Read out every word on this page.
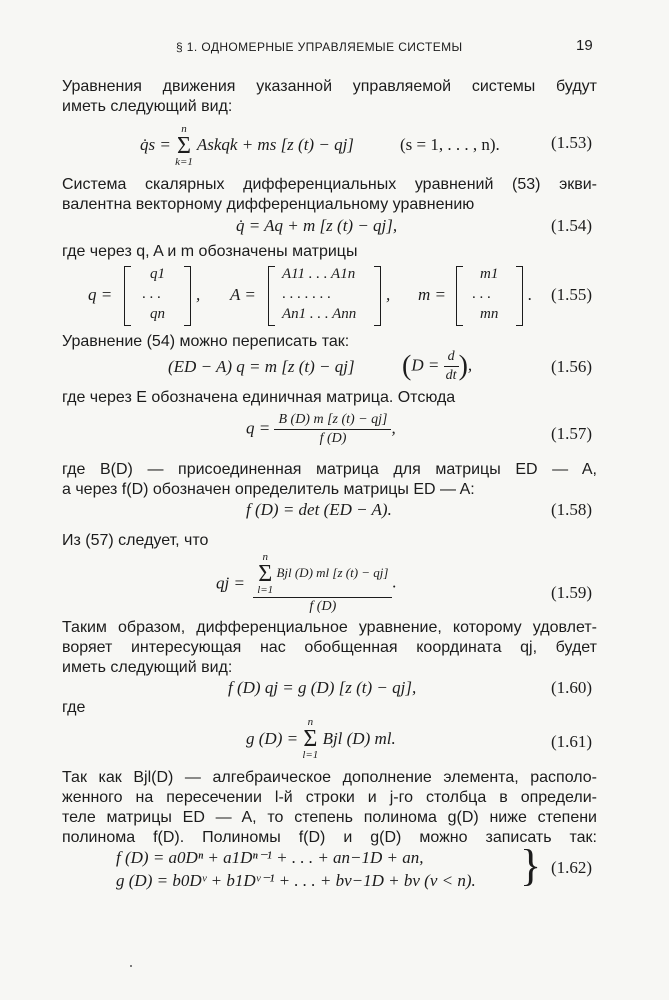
§ 1. ОДНОМЕРНЫЕ УПРАВЛЯЕМЫЕ СИСТЕМЫ	19
Уравнения движения указанной управляемой системы будут
иметь следующий вид:
q̇s = n
Σ
k=1 Askqk + ms [z (t) − qj]	(s = 1, . . . , n).	(1.53)
Система скалярных дифференциальных уравнений (53) экви-
валентна векторному дифференциальному уравнению
q̇ = Aq + m [z (t) − qj],	(1.54)
где через q, A и m обозначены матрицы
q =
q1
. . .
qn
, A =
A11 . . . A1n
. . . . . . .
An1 . . . Ann
, m =
m1
. . .
mn
. (1.55)
Уравнение (54) можно переписать так:
(ED − A) q = m [z (t) − qj] ($D = \frac{d}{dt}$ ),	(1.56)
где через E обозначена единичная матрица. Отсюда
$q = \frac{B (D) m [z (t) - qj]}{f (D)}$ ,	(1.57)
где B(D) — присоединенная матрица для матрицы ED — A,
а через f(D) обозначен определитель матрицы ED — A:
f (D) = det (ED − A).	(1.58)
Из (57) следует, что
qj = n
Σ
l=1 Bjl (D) ml [z (t) − qj]
f (D) .
(1.59)
Таким образом, дифференциальное уравнение, которому удовлет-
воряет интересующая нас обобщенная координата qj, будет
иметь следующий вид:
f (D) qj = g (D) [z (t) − qj],	(1.60)
где
g (D) = n
Σ
l=1 Bjl (D) ml.	(1.61)
Так как Bjl(D) — алгебраическое дополнение элемента, располо-
женного на пересечении l-й строки и j-го столбца в определи-
теле матрицы ED — A, то степень полинома g(D) ниже степени
полинома f(D). Полиномы f(D) и g(D) можно записать так:
f (D) = a0Dⁿ + a1Dⁿ⁻¹ + . . . + an−1D + an,
g (D) = b0Dᵛ + b1Dᵛ⁻¹ + . . . + bv−1D + bv (v < n). } (1.62)
